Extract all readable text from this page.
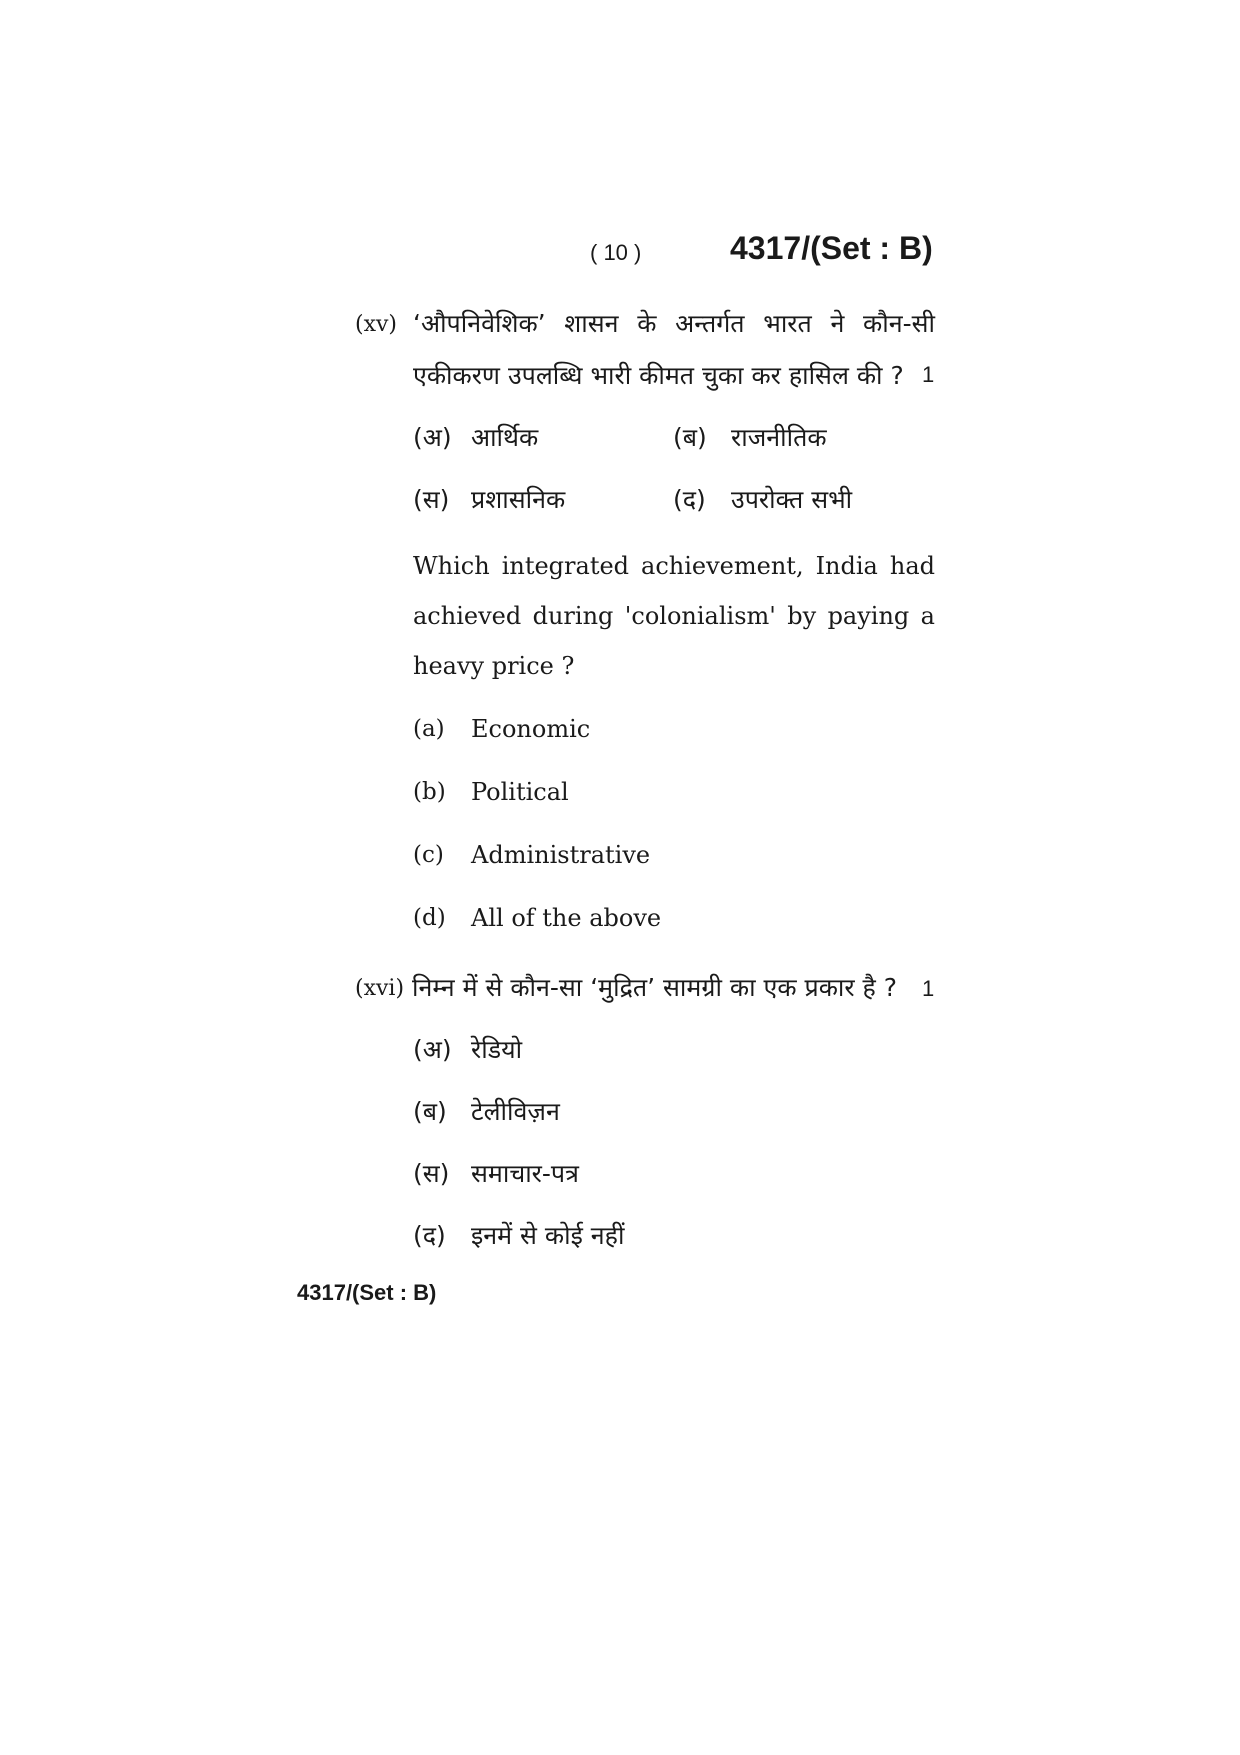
( 10 )	4317/(Set : B)
(xv) ‘औपनिवेशिक’ शासन के अन्तर्गत भारत ने कौन-सी
एकीकरण उपलब्धि भारी कीमत चुका कर हासिल की ? 1
(अ) आर्थिक	(ब) राजनीतिक
(स) प्रशासनिक	(द) उपरोक्त सभी
Which integrated achievement, India had
achieved during 'colonialism' by paying a
heavy price ?
(a) Economic
(b) Political
(c) Administrative
(d) All of the above
(xvi) निम्न में से कौन-सा ‘मुद्रित’ सामग्री का एक प्रकार है ? 1
(अ) रेडियो
(ब) टेलीविज़न
(स) समाचार-पत्र
(द) इनमें से कोई नहीं
4317/(Set : B)
